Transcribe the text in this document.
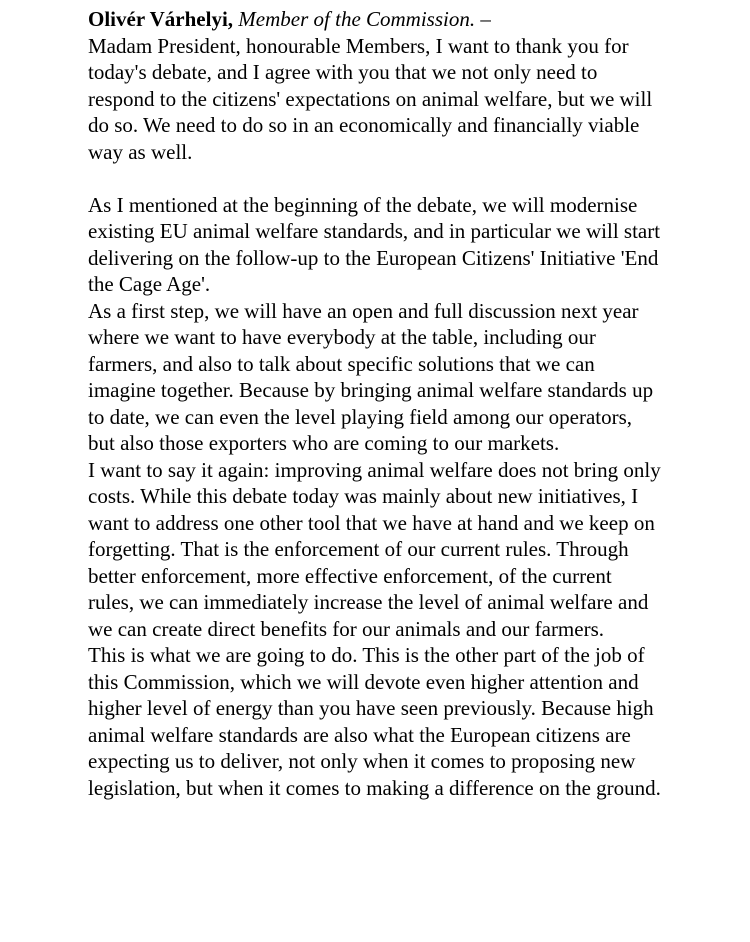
Olivér Várhelyi, Member of the Commission. –

Madam President, honourable Members, I want to thank you for today's debate, and I agree with you that we not only need to respond to the citizens' expectations on animal welfare, but we will do so. We need to do so in an economically and financially viable way as well.

As I mentioned at the beginning of the debate, we will modernise existing EU animal welfare standards, and in particular we will start delivering on the follow-up to the European Citizens' Initiative 'End the Cage Age'.

As a first step, we will have an open and full discussion next year where we want to have everybody at the table, including our farmers, and also to talk about specific solutions that we can imagine together. Because by bringing animal welfare standards up to date, we can even the level playing field among our operators, but also those exporters who are coming to our markets.

I want to say it again: improving animal welfare does not bring only costs. While this debate today was mainly about new initiatives, I want to address one other tool that we have at hand and we keep on forgetting. That is the enforcement of our current rules. Through better enforcement, more effective enforcement, of the current rules, we can immediately increase the level of animal welfare and we can create direct benefits for our animals and our farmers.

This is what we are going to do. This is the other part of the job of this Commission, which we will devote even higher attention and higher level of energy than you have seen previously. Because high animal welfare standards are also what the European citizens are expecting us to deliver, not only when it comes to proposing new legislation, but when it comes to making a difference on the ground.
